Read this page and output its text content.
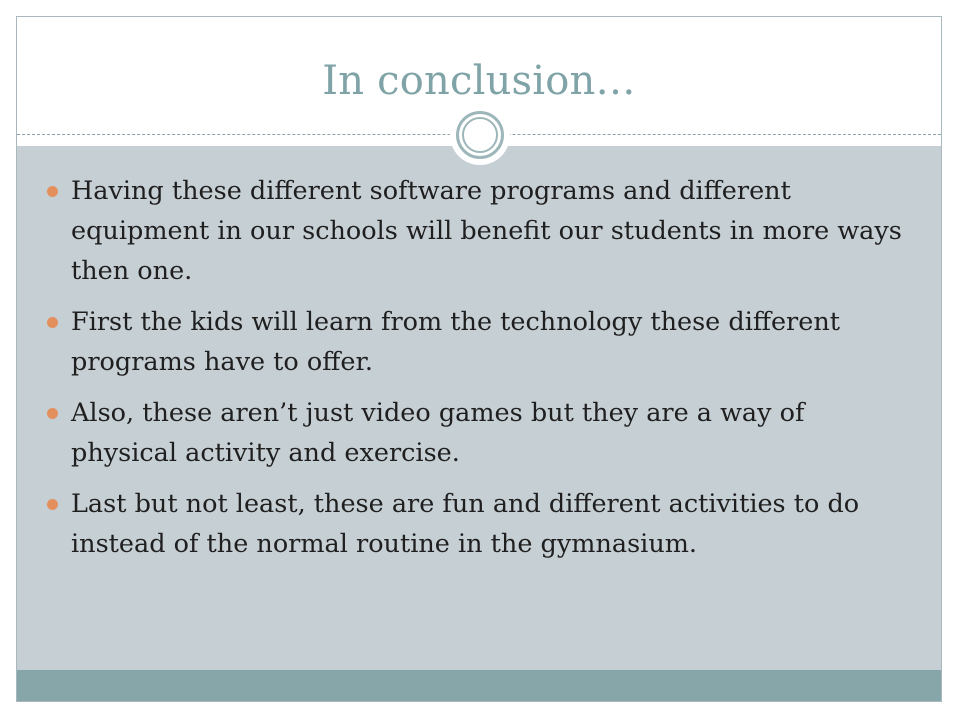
In conclusion…
Having these different software programs and different equipment in our schools will benefit our students in more ways then one.
First the kids will learn from the technology these different programs have to offer.
Also, these aren’t just video games but they are a way of physical activity and exercise.
Last but not least, these are fun and different activities to do instead of the normal routine in the gymnasium.
